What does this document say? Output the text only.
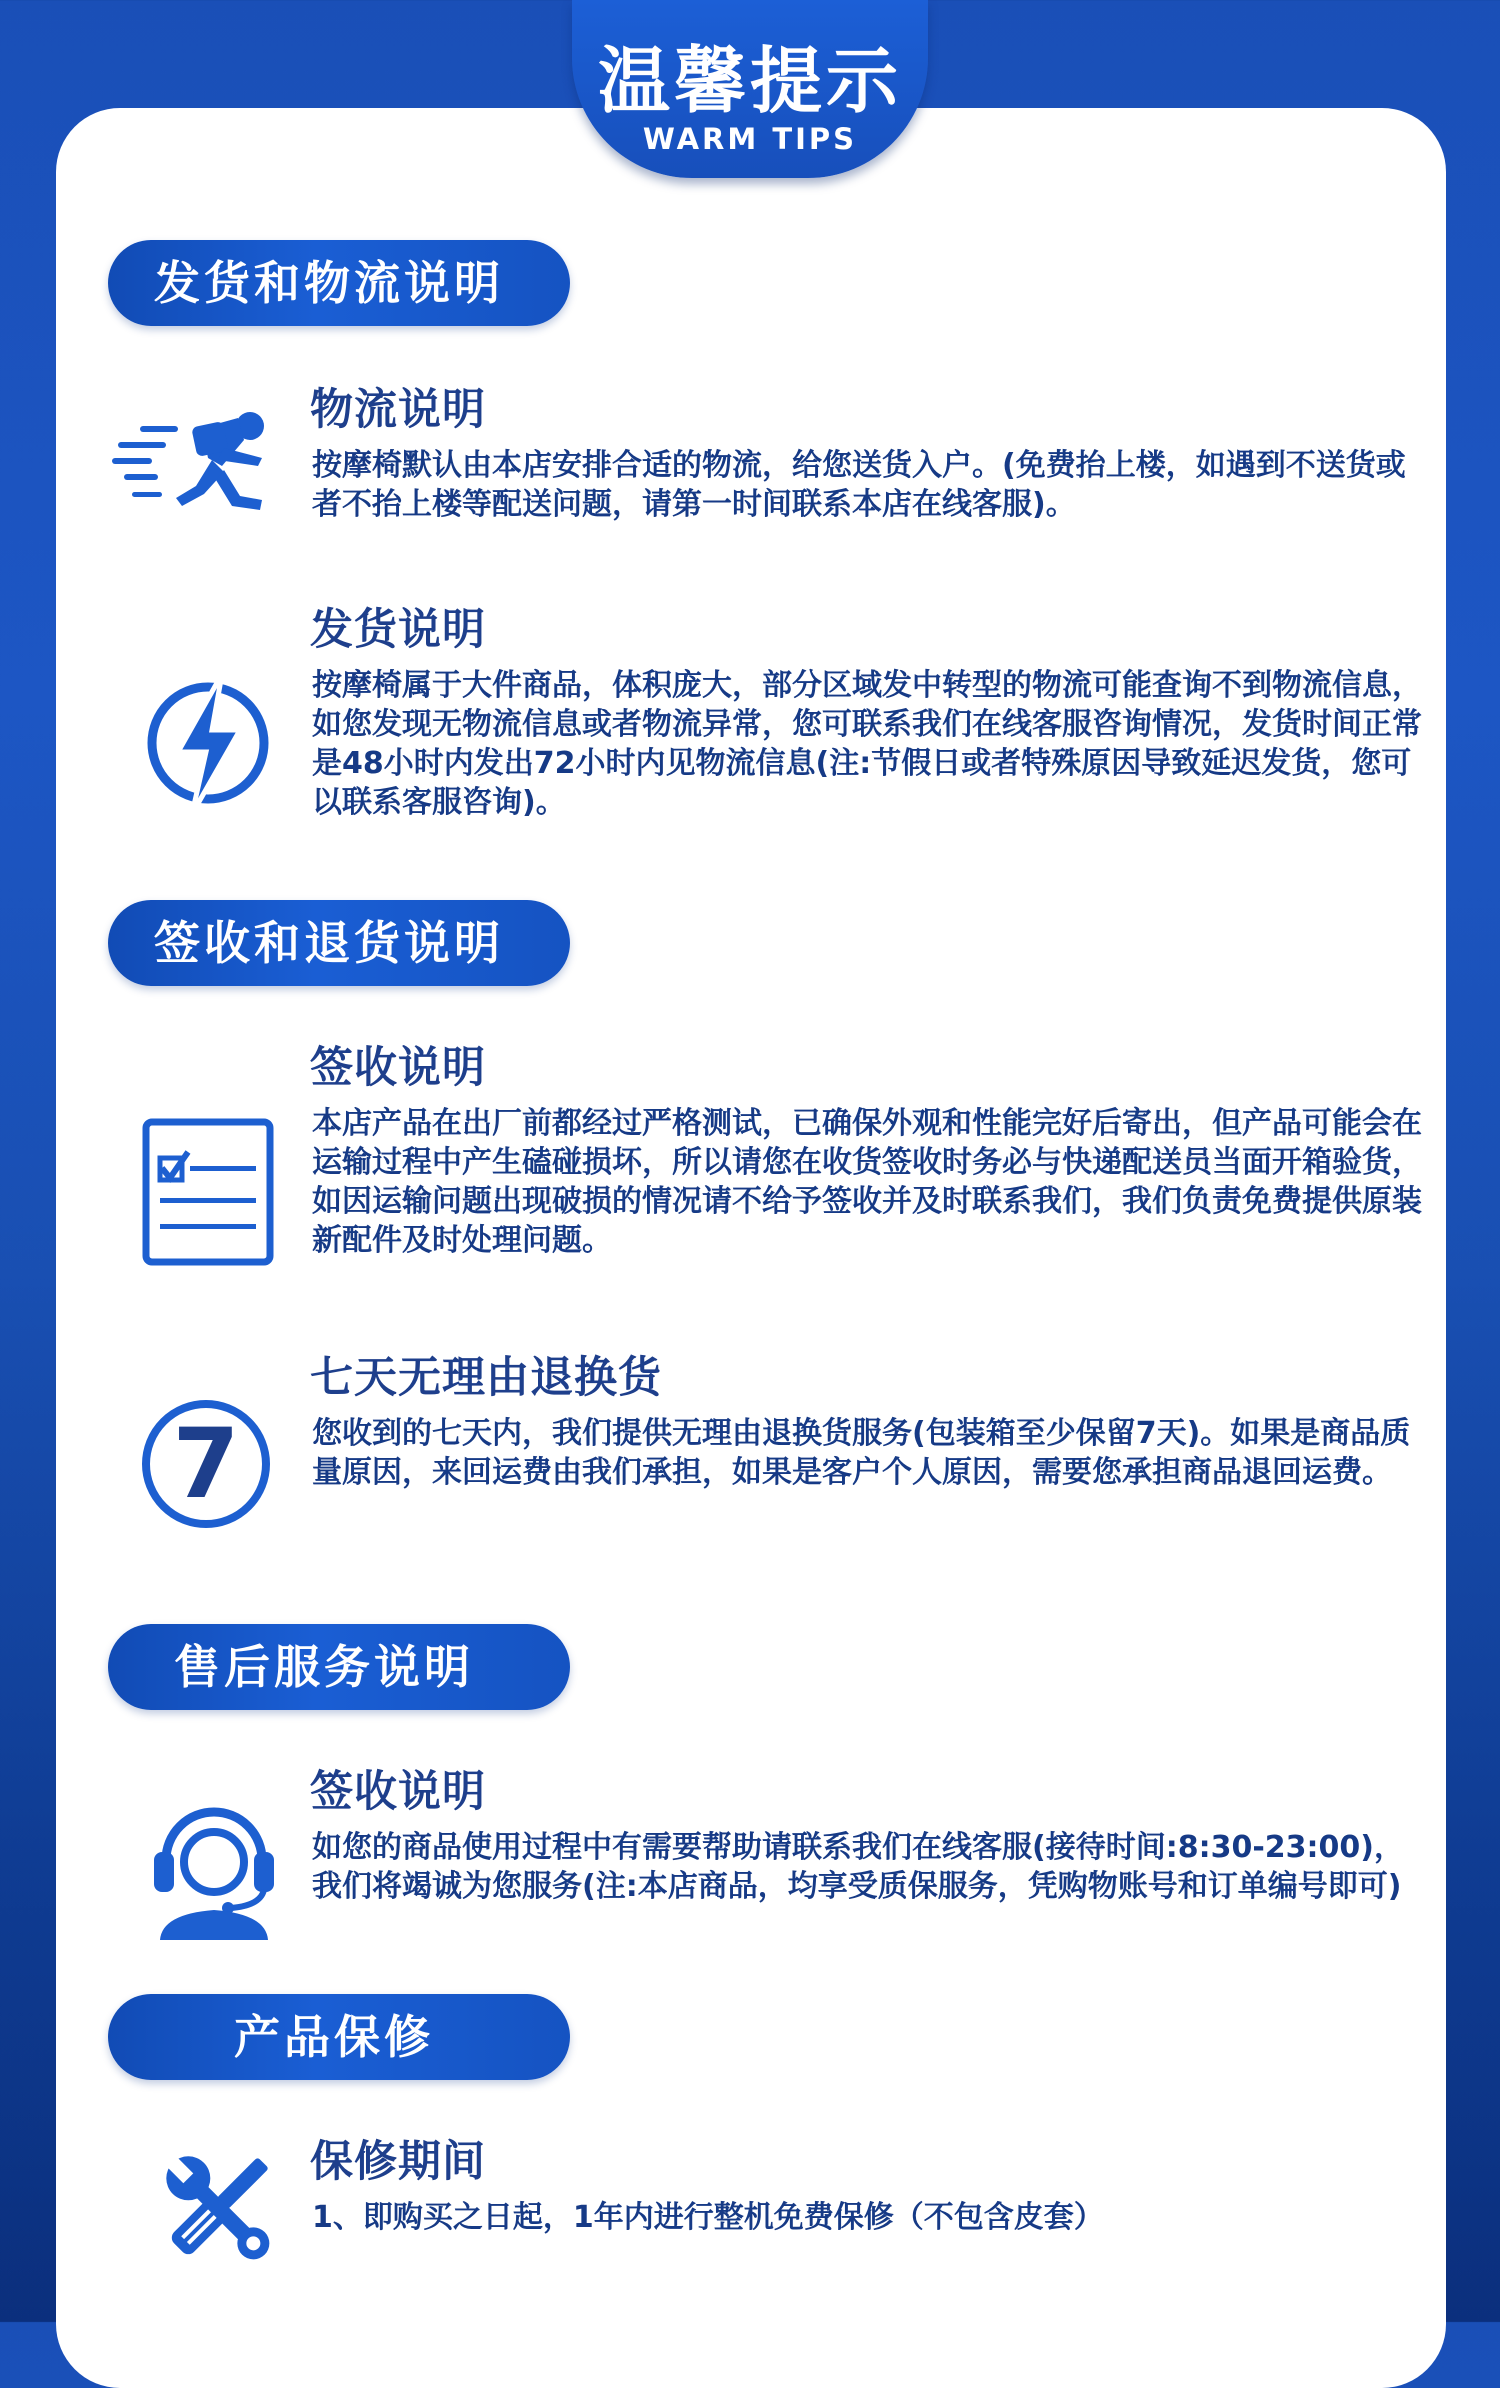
温馨提示
WARM TIPS
发货和物流说明
物流说明
按摩椅默认由本店安排合适的物流，给您送货入户。(免费抬上楼，如遇到不送货或者不抬上楼等配送问题，请第一时间联系本店在线客服)。
发货说明
按摩椅属于大件商品，体积庞大，部分区域发中转型的物流可能查询不到物流信息，如您发现无物流信息或者物流异常，您可联系我们在线客服咨询情况，发货时间正常是48小时内发出72小时内见物流信息(注:节假日或者特殊原因导致延迟发货，您可以联系客服咨询)。
签收和退货说明
签收说明
本店产品在出厂前都经过严格测试，已确保外观和性能完好后寄出，但产品可能会在运输过程中产生磕碰损坏，所以请您在收货签收时务必与快递配送员当面开箱验货，如因运输问题出现破损的情况请不给予签收并及时联系我们，我们负责免费提供原装新配件及时处理问题。
7
七天无理由退换货
您收到的七天内，我们提供无理由退换货服务(包装箱至少保留7天)。如果是商品质量原因，来回运费由我们承担，如果是客户个人原因，需要您承担商品退回运费。
售后服务说明
签收说明
如您的商品使用过程中有需要帮助请联系我们在线客服(接待时间:8:30-23:00)，我们将竭诚为您服务(注:本店商品，均享受质保服务，凭购物账号和订单编号即可)
产品保修
保修期间
1、即购买之日起，1年内进行整机免费保修（不包含皮套）
